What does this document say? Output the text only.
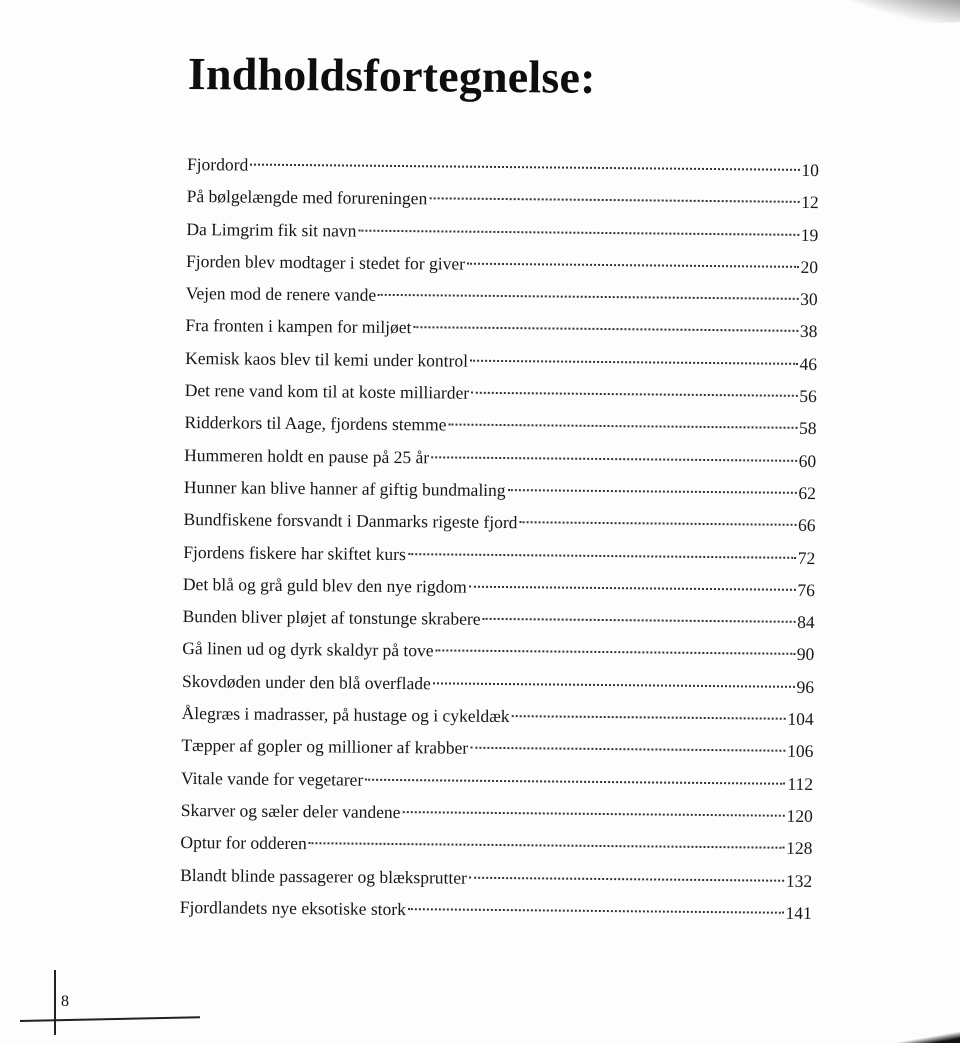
Indholdsfortegnelse:
Fjordord	10
På bølgelængde med forureningen	12
Da Limgrim fik sit navn	19
Fjorden blev modtager i stedet for giver	20
Vejen mod de renere vande	30
Fra fronten i kampen for miljøet	38
Kemisk kaos blev til kemi under kontrol	46
Det rene vand kom til at koste milliarder	56
Ridderkors til Aage, fjordens stemme	58
Hummeren holdt en pause på 25 år	60
Hunner kan blive hanner af giftig bundmaling	62
Bundfiskene forsvandt i Danmarks rigeste fjord	66
Fjordens fiskere har skiftet kurs	72
Det blå og grå guld blev den nye rigdom	76
Bunden bliver pløjet af tonstunge skrabere	84
Gå linen ud og dyrk skaldyr på tove	90
Skovdøden under den blå overflade	96
Ålegræs i madrasser, på hustage og i cykeldæk	104
Tæpper af gopler og millioner af krabber	106
Vitale vande for vegetarer	112
Skarver og sæler deler vandene	120
Optur for odderen	128
Blandt blinde passagerer og blæksprutter	132
Fjordlandets nye eksotiske stork	141
8
